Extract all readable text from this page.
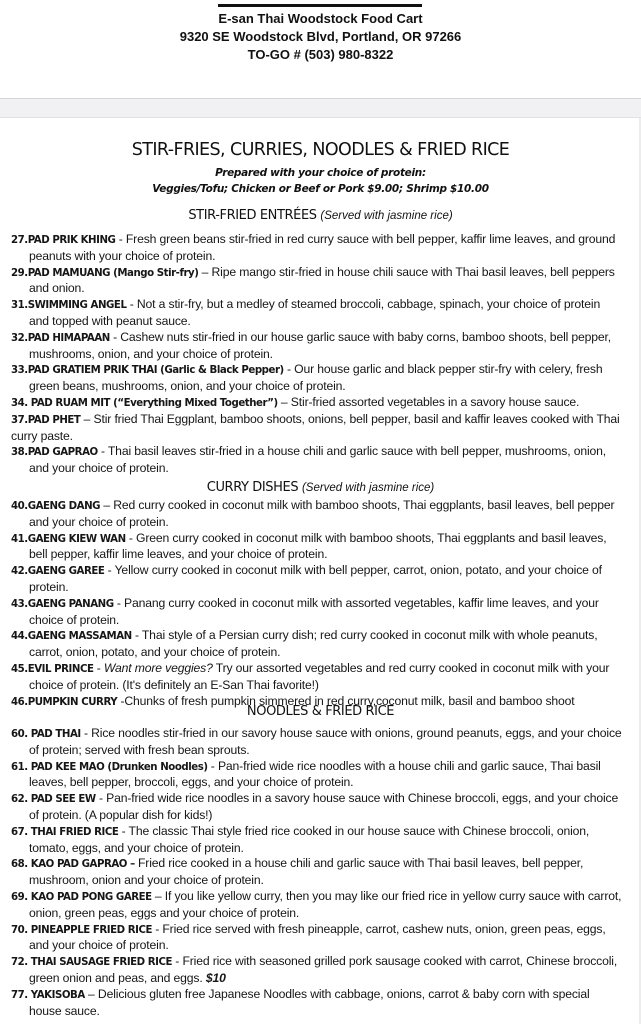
E-san Thai Woodstock Food Cart
9320 SE Woodstock Blvd, Portland, OR 97266
TO-GO # (503) 980-8322
STIR-FRIES, CURRIES, NOODLES & FRIED RICE
Prepared with your choice of protein:
Veggies/Tofu; Chicken or Beef or Pork $9.00; Shrimp $10.00
STIR-FRIED ENTRÉES (Served with jasmine rice)
27.PAD PRIK KHING - Fresh green beans stir-fried in red curry sauce with bell pepper, kaffir lime leaves, and ground peanuts with your choice of protein.
29.PAD MAMUANG (Mango Stir-fry) – Ripe mango stir-fried in house chili sauce with Thai basil leaves, bell peppers and onion.
31.SWIMMING ANGEL - Not a stir-fry, but a medley of steamed broccoli, cabbage, spinach, your choice of protein and topped with peanut sauce.
32.PAD HIMAPAAN - Cashew nuts stir-fried in our house garlic sauce with baby corns, bamboo shoots, bell pepper, mushrooms, onion, and your choice of protein.
33.PAD GRATIEM PRIK THAI (Garlic & Black Pepper) - Our house garlic and black pepper stir-fry with celery, fresh green beans, mushrooms, onion, and your choice of protein.
34. PAD RUAM MIT (“Everything Mixed Together”) – Stir-fried assorted vegetables in a savory house sauce.
37.PAD PHET – Stir fried Thai Eggplant, bamboo shoots, onions, bell pepper, basil and kaffir leaves cooked with Thai curry paste.
38.PAD GAPRAO - Thai basil leaves stir-fried in a house chili and garlic sauce with bell pepper, mushrooms, onion, and your choice of protein.
CURRY DISHES (Served with jasmine rice)
40.GAENG DANG – Red curry cooked in coconut milk with bamboo shoots, Thai eggplants, basil leaves, bell pepper and your choice of protein.
41.GAENG KIEW WAN - Green curry cooked in coconut milk with bamboo shoots, Thai eggplants and basil leaves, bell pepper, kaffir lime leaves, and your choice of protein.
42.GAENG GAREE - Yellow curry cooked in coconut milk with bell pepper, carrot, onion, potato, and your choice of protein.
43.GAENG PANANG - Panang curry cooked in coconut milk with assorted vegetables, kaffir lime leaves, and your choice of protein.
44.GAENG MASSAMAN - Thai style of a Persian curry dish; red curry cooked in coconut milk with whole peanuts, carrot, onion, potato, and your choice of protein.
45.EVIL PRINCE - Want more veggies? Try our assorted vegetables and red curry cooked in coconut milk with your choice of protein. (It's definitely an E-San Thai favorite!)
46.PUMPKIN CURRY -Chunks of fresh pumpkin simmered in red curry,coconut milk, basil and bamboo shoot
NOODLES & FRIED RICE
60. PAD THAI - Rice noodles stir-fried in our savory house sauce with onions, ground peanuts, eggs, and your choice of protein; served with fresh bean sprouts.
61. PAD KEE MAO (Drunken Noodles) - Pan-fried wide rice noodles with a house chili and garlic sauce, Thai basil leaves, bell pepper, broccoli, eggs, and your choice of protein.
62. PAD SEE EW - Pan-fried wide rice noodles in a savory house sauce with Chinese broccoli, eggs, and your choice of protein. (A popular dish for kids!)
67. THAI FRIED RICE - The classic Thai style fried rice cooked in our house sauce with Chinese broccoli, onion, tomato, eggs, and your choice of protein.
68. KAO PAD GAPRAO – Fried rice cooked in a house chili and garlic sauce with Thai basil leaves, bell pepper, mushroom, onion and your choice of protein.
69. KAO PAD PONG GAREE – If you like yellow curry, then you may like our fried rice in yellow curry sauce with carrot, onion, green peas, eggs and your choice of protein.
70. PINEAPPLE FRIED RICE - Fried rice served with fresh pineapple, carrot, cashew nuts, onion, green peas, eggs, and your choice of protein.
72. THAI SAUSAGE FRIED RICE - Fried rice with seasoned grilled pork sausage cooked with carrot, Chinese broccoli, green onion and peas, and eggs. $10
77. YAKISOBA – Delicious gluten free Japanese Noodles with cabbage, onions, carrot & baby corn with special house sauce.
